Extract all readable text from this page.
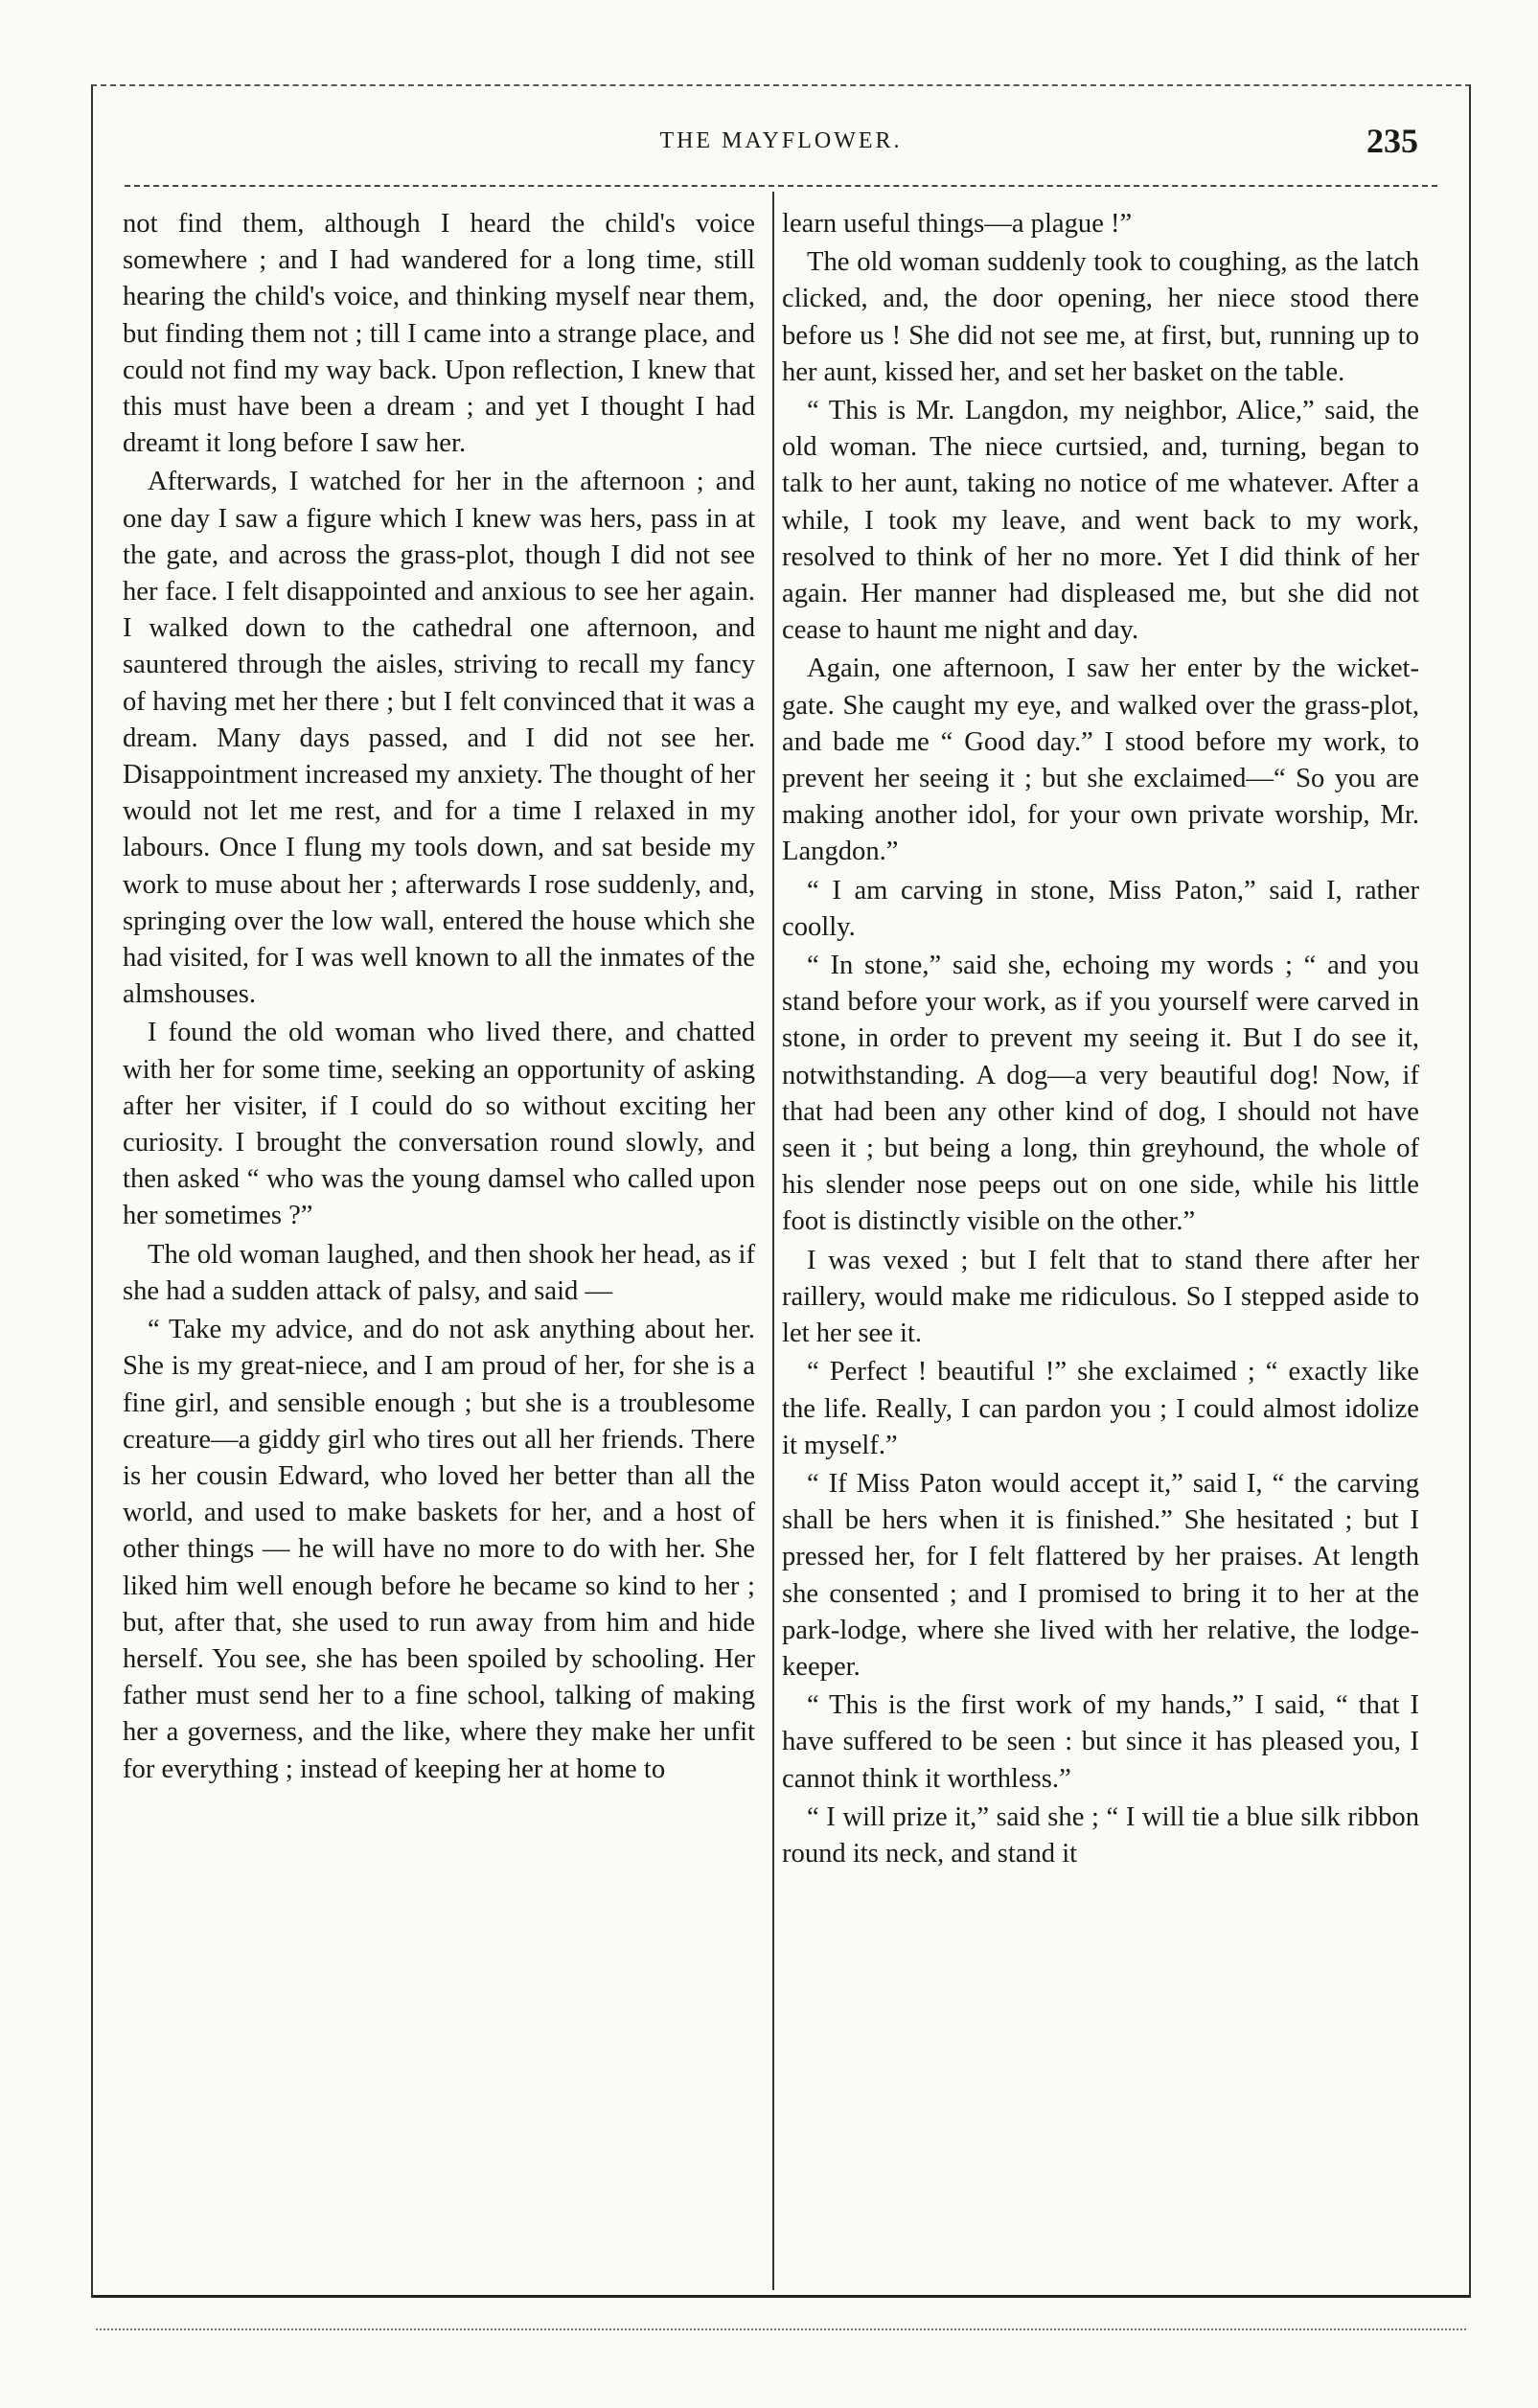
THE MAYFLOWER.	235

not find them, although I heard the child's voice somewhere ; and I had wandered for a long time, still hearing the child's voice, and thinking myself near them, but finding them not ; till I came into a strange place, and could not find my way back. Upon reflection, I knew that this must have been a dream ; and yet I thought I had dreamt it long before I saw her.

Afterwards, I watched for her in the afternoon ; and one day I saw a figure which I knew was hers, pass in at the gate, and across the grass-plot, though I did not see her face. I felt disappointed and anxious to see her again. I walked down to the cathedral one afternoon, and sauntered through the aisles, striving to recall my fancy of having met her there ; but I felt convinced that it was a dream. Many days passed, and I did not see her. Disappointment increased my anxiety. The thought of her would not let me rest, and for a time I relaxed in my labours. Once I flung my tools down, and sat beside my work to muse about her ; afterwards I rose suddenly, and, springing over the low wall, entered the house which she had visited, for I was well known to all the inmates of the almshouses.

I found the old woman who lived there, and chatted with her for some time, seeking an opportunity of asking after her visiter, if I could do so without exciting her curiosity. I brought the conversation round slowly, and then asked “ who was the young damsel who called upon her sometimes ?”

The old woman laughed, and then shook her head, as if she had a sudden attack of palsy, and said —

“ Take my advice, and do not ask anything about her. She is my great-niece, and I am proud of her, for she is a fine girl, and sensible enough ; but she is a troublesome creature—a giddy girl who tires out all her friends. There is her cousin Edward, who loved her better than all the world, and used to make baskets for her, and a host of other things — he will have no more to do with her. She liked him well enough before he became so kind to her ; but, after that, she used to run away from him and hide herself. You see, she has been spoiled by schooling. Her father must send her to a fine school, talking of making her a governess, and the like, where they make her unfit for everything ; instead of keeping her at home to

learn useful things—a plague !”

The old woman suddenly took to coughing, as the latch clicked, and, the door opening, her niece stood there before us ! She did not see me, at first, but, running up to her aunt, kissed her, and set her basket on the table.

“ This is Mr. Langdon, my neighbor, Alice,” said, the old woman. The niece curtsied, and, turning, began to talk to her aunt, taking no notice of me whatever. After a while, I took my leave, and went back to my work, resolved to think of her no more. Yet I did think of her again. Her manner had displeased me, but she did not cease to haunt me night and day.

Again, one afternoon, I saw her enter by the wicket-gate. She caught my eye, and walked over the grass-plot, and bade me “ Good day.” I stood before my work, to prevent her seeing it ; but she exclaimed—“ So you are making another idol, for your own private worship, Mr. Langdon.”

“ I am carving in stone, Miss Paton,” said I, rather coolly.

“ In stone,” said she, echoing my words ; “ and you stand before your work, as if you yourself were carved in stone, in order to prevent my seeing it. But I do see it, notwithstanding. A dog—a very beautiful dog! Now, if that had been any other kind of dog, I should not have seen it ; but being a long, thin greyhound, the whole of his slender nose peeps out on one side, while his little foot is distinctly visible on the other.”

I was vexed ; but I felt that to stand there after her raillery, would make me ridiculous. So I stepped aside to let her see it.

“ Perfect ! beautiful !” she exclaimed ; “ exactly like the life. Really, I can pardon you ; I could almost idolize it myself.”

“ If Miss Paton would accept it,” said I, “ the carving shall be hers when it is finished.” She hesitated ; but I pressed her, for I felt flattered by her praises. At length she consented ; and I promised to bring it to her at the park-lodge, where she lived with her relative, the lodge-keeper.

“ This is the first work of my hands,” I said, “ that I have suffered to be seen : but since it has pleased you, I cannot think it worthless.”

“ I will prize it,” said she ; “ I will tie a blue silk ribbon round its neck, and stand it
